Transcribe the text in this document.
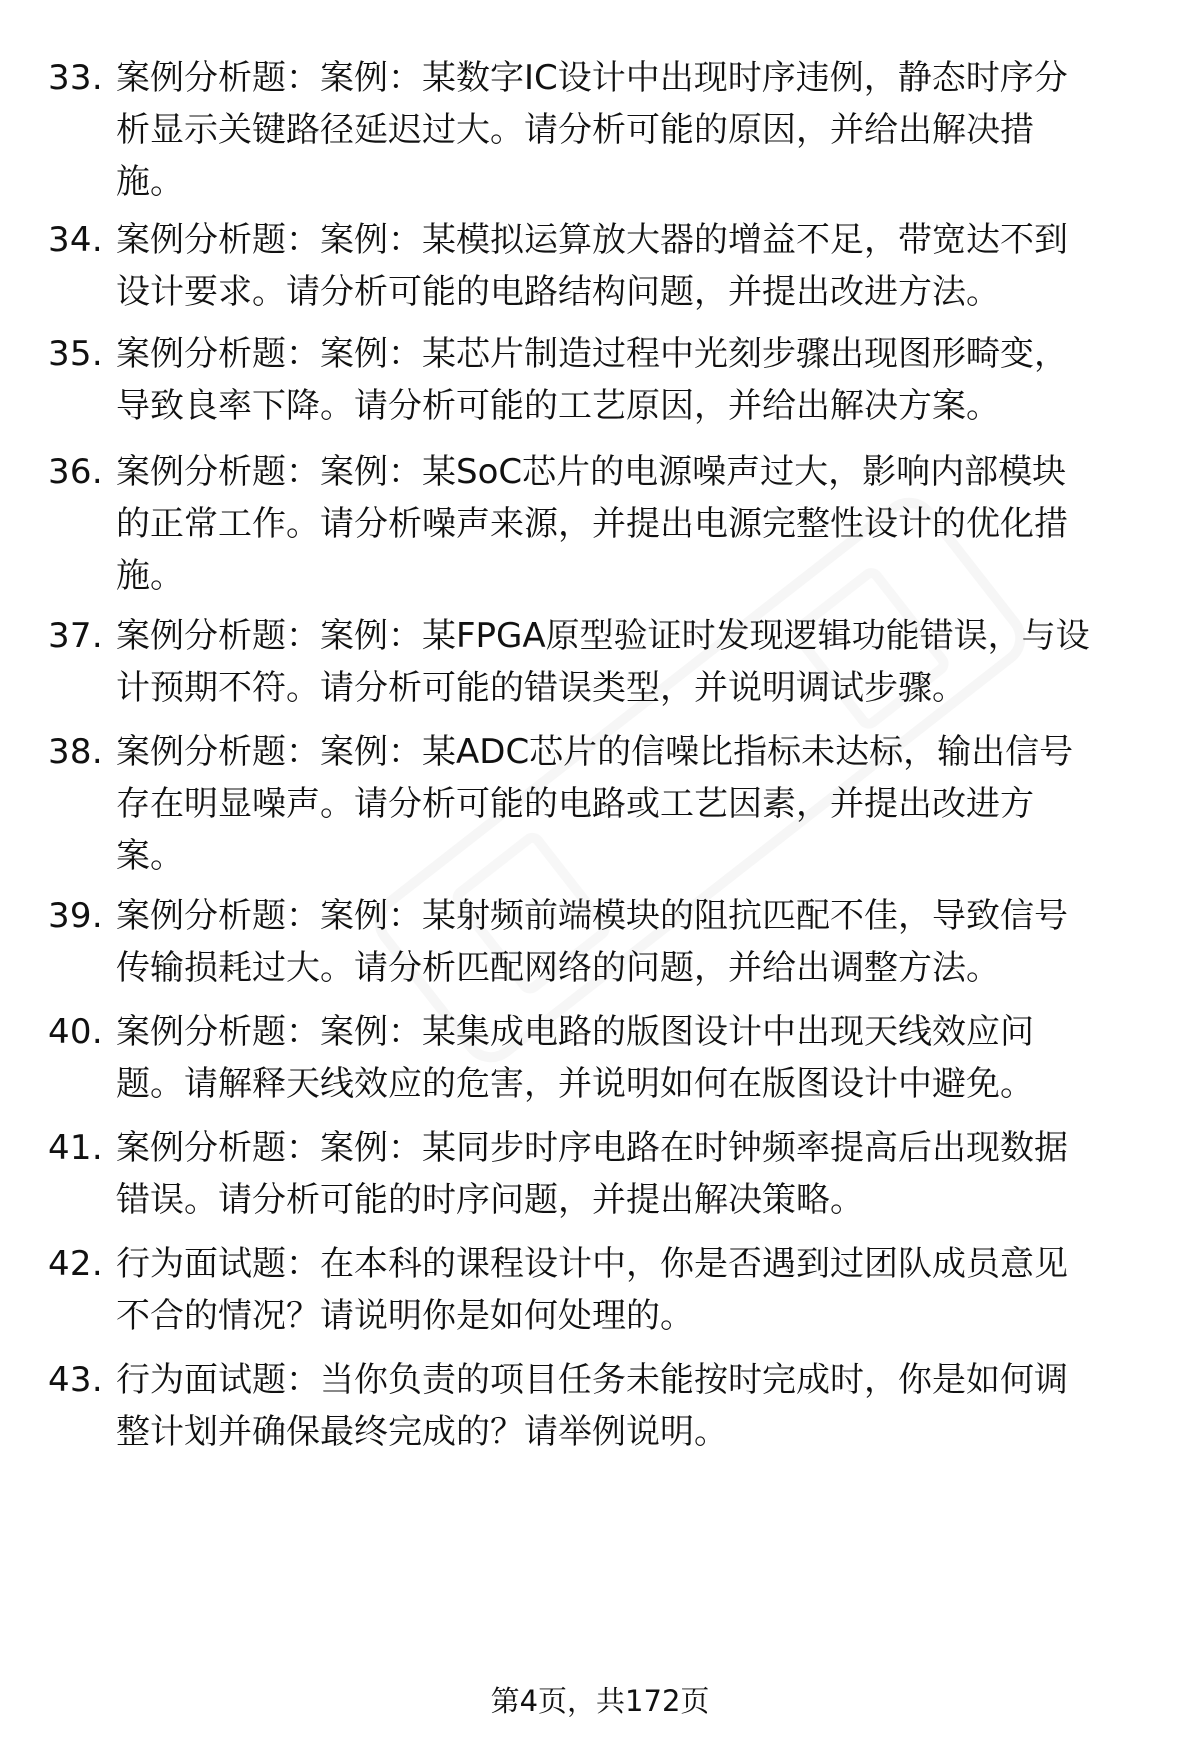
33. 案例分析题：案例：某数字IC设计中出现时序违例，静态时序分
析显示关键路径延迟过大。请分析可能的原因，并给出解决措
施。
34. 案例分析题：案例：某模拟运算放大器的增益不足，带宽达不到
设计要求。请分析可能的电路结构问题，并提出改进方法。
35. 案例分析题：案例：某芯片制造过程中光刻步骤出现图形畸变，
导致良率下降。请分析可能的工艺原因，并给出解决方案。
36. 案例分析题：案例：某SoC芯片的电源噪声过大，影响内部模块
的正常工作。请分析噪声来源，并提出电源完整性设计的优化措
施。
37. 案例分析题：案例：某FPGA原型验证时发现逻辑功能错误，与设
计预期不符。请分析可能的错误类型，并说明调试步骤。
38. 案例分析题：案例：某ADC芯片的信噪比指标未达标，输出信号
存在明显噪声。请分析可能的电路或工艺因素，并提出改进方
案。
39. 案例分析题：案例：某射频前端模块的阻抗匹配不佳，导致信号
传输损耗过大。请分析匹配网络的问题，并给出调整方法。
40. 案例分析题：案例：某集成电路的版图设计中出现天线效应问
题。请解释天线效应的危害，并说明如何在版图设计中避免。
41. 案例分析题：案例：某同步时序电路在时钟频率提高后出现数据
错误。请分析可能的时序问题，并提出解决策略。
42. 行为面试题：在本科的课程设计中，你是否遇到过团队成员意见
不合的情况？请说明你是如何处理的。
43. 行为面试题：当你负责的项目任务未能按时完成时，你是如何调
整计划并确保最终完成的？请举例说明。
第4页，共172页
